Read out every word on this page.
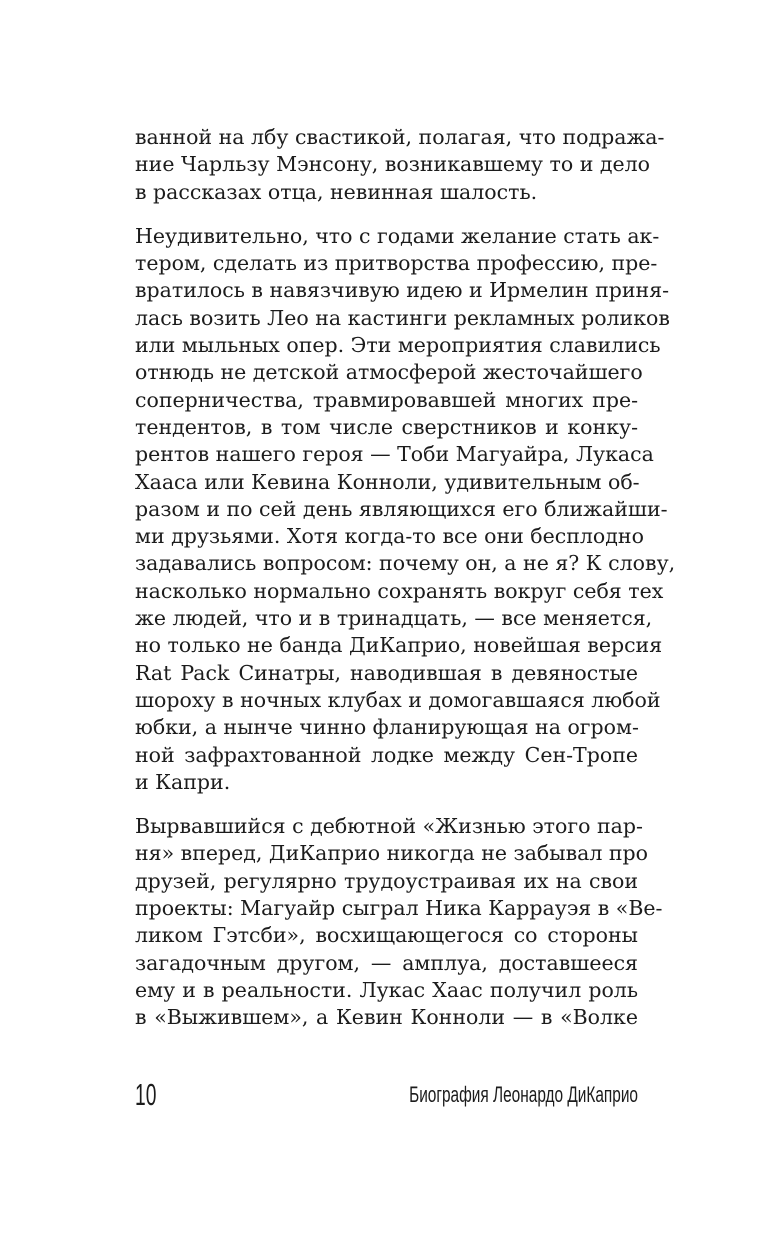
ванной на лбу свастикой, полагая, что подража-
ние Чарльзу Мэнсону, возникавшему то и дело
в рассказах отца, невинная шалость.

Неудивительно, что с годами желание стать ак-
тером, сделать из притворства профессию, пре-
вратилось в навязчивую идею и Ирмелин приня-
лась возить Лео на кастинги рекламных роликов
или мыльных опер. Эти мероприятия славились
отнюдь не детской атмосферой жесточайшего
соперничества, травмировавшей многих пре-
тендентов, в том числе сверстников и конку-
рентов нашего героя — Тоби Магуайра, Лукаса
Хааса или Кевина Конноли, удивительным об-
разом и по сей день являющихся его ближайши-
ми друзьями. Хотя когда-то все они бесплодно
задавались вопросом: почему он, а не я? К слову,
насколько нормально сохранять вокруг себя тех
же людей, что и в тринадцать, — все меняется,
но только не банда ДиКаприо, новейшая версия
Rat Pack Синатры, наводившая в девяностые
шороху в ночных клубах и домогавшаяся любой
юбки, а нынче чинно фланирующая на огром-
ной зафрахтованной лодке между Сен-Тропе
и Капри.

Вырвавшийся с дебютной «Жизнью этого пар-
ня» вперед, ДиКаприо никогда не забывал про
друзей, регулярно трудоустраивая их на свои
проекты: Магуайр сыграл Ника Каррауэя в «Ве-
ликом Гэтсби», восхищающегося со стороны
загадочным другом, — амплуа, доставшееся
ему и в реальности. Лукас Хаас получил роль
в «Выжившем», а Кевин Конноли — в «Волке

10	Биография Леонардо ДиКаприо
